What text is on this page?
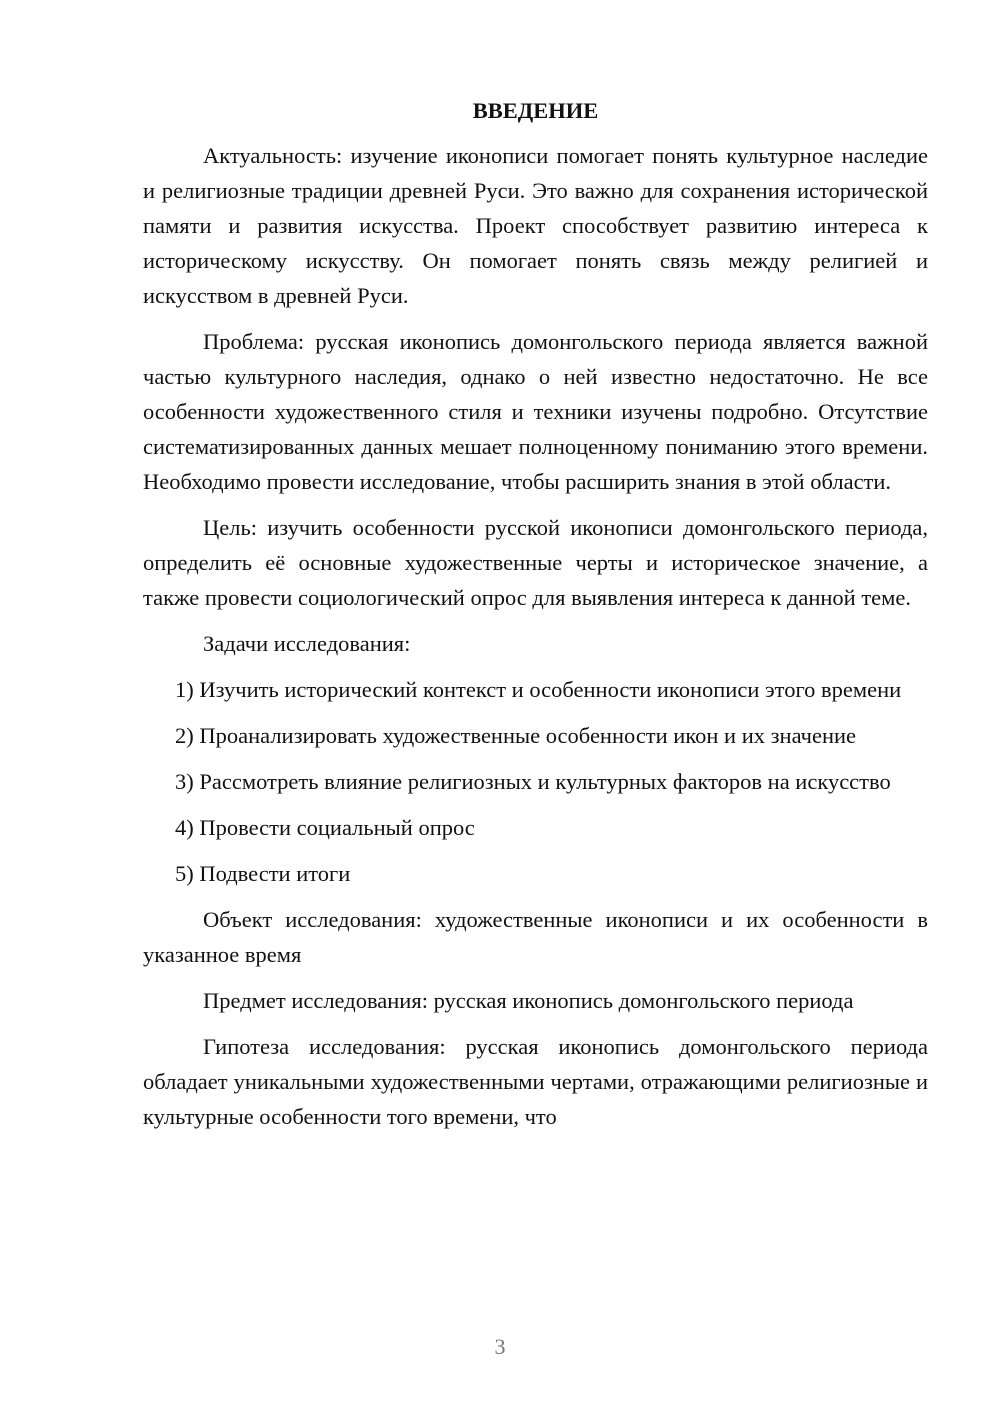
ВВЕДЕНИЕ

Актуальность: изучение иконописи помогает понять культурное наследие и религиозные традиции древней Руси. Это важно для сохранения исторической памяти и развития искусства. Проект способствует развитию интереса к историческому искусству. Он помогает понять связь между религией и искусством в древней Руси.

Проблема: русская иконопись домонгольского периода является важной частью культурного наследия, однако о ней известно недостаточно. Не все особенности художественного стиля и техники изучены подробно. Отсутствие систематизированных данных мешает полноценному пониманию этого времени. Необходимо провести исследование, чтобы расширить знания в этой области.

Цель: изучить особенности русской иконописи домонгольского периода, определить её основные художественные черты и историческое значение, а также провести социологический опрос для выявления интереса к данной теме.

Задачи исследования:

1) Изучить исторический контекст и особенности иконописи этого времени

2) Проанализировать художественные особенности икон и их значение

3) Рассмотреть влияние религиозных и культурных факторов на искусство

4) Провести социальный опрос

5) Подвести итоги

Объект исследования: художественные иконописи и их особенности в указанное время

Предмет исследования: русская иконопись домонгольского периода

Гипотеза исследования: русская иконопись домонгольского периода обладает уникальными художественными чертами, отражающими религиозные и культурные особенности того времени, что

3
